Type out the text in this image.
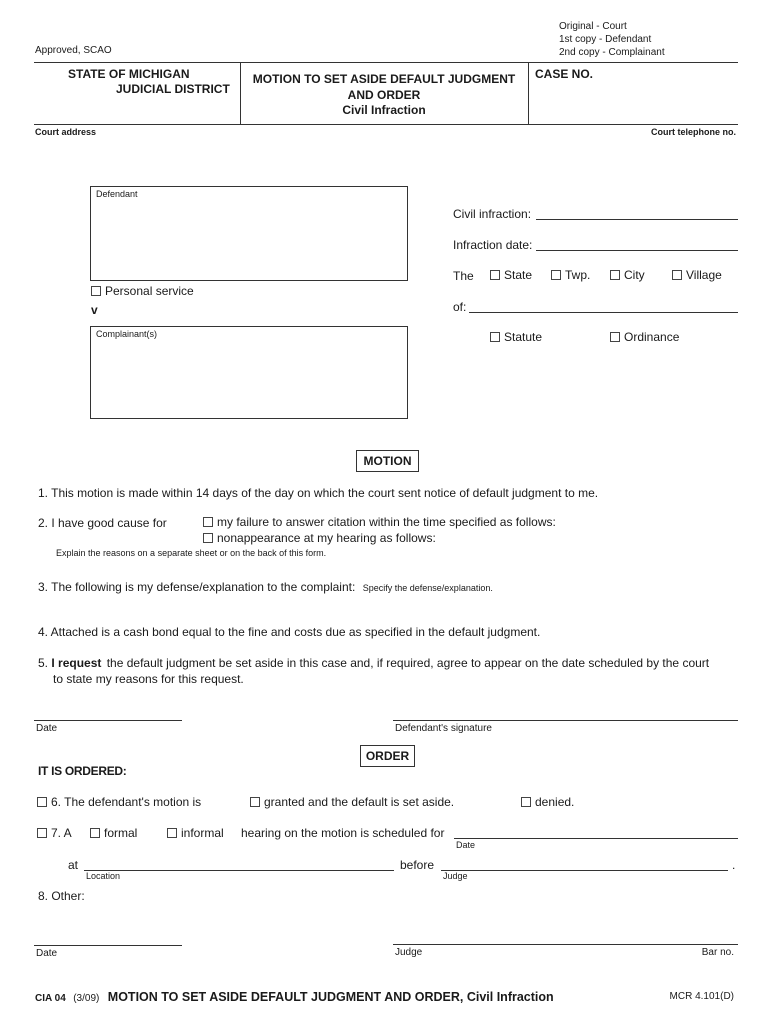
Approved, SCAO
Original - Court
1st copy - Defendant
2nd copy - Complainant
STATE OF MICHIGAN
JUDICIAL DISTRICT
MOTION TO SET ASIDE DEFAULT JUDGMENT
AND ORDER
Civil Infraction
CASE NO.
Court address	Court telephone no.
Defendant
Personal service
v
Complainant(s)
Civil infraction:
Infraction date:
The	State	Twp.	City	Village
of:
Statute	Ordinance
MOTION
1. This motion is made within 14 days of the day on which the court sent notice of default judgment to me.
2. I have good cause for	my failure to answer citation within the time specified as follows:
nonappearance at my hearing as follows:
Explain the reasons on a separate sheet or on the back of this form.
3. The following is my defense/explanation to the complaint: Specify the defense/explanation.
4. Attached is a cash bond equal to the fine and costs due as specified in the default judgment.
5. I request the default judgment be set aside in this case and, if required, agree to appear on the date scheduled by the court
to state my reasons for this request.
Date	Defendant's signature
ORDER
IT IS ORDERED:
6. The defendant's motion is	granted and the default is set aside.	denied.
7. A	formal	informal hearing on the motion is scheduled for
Date
at
Location
before
Judge
.
8. Other:
Date	Judge	Bar no.
CIA 04 (3/09) MOTION TO SET ASIDE DEFAULT JUDGMENT AND ORDER, Civil Infraction	MCR 4.101(D)
